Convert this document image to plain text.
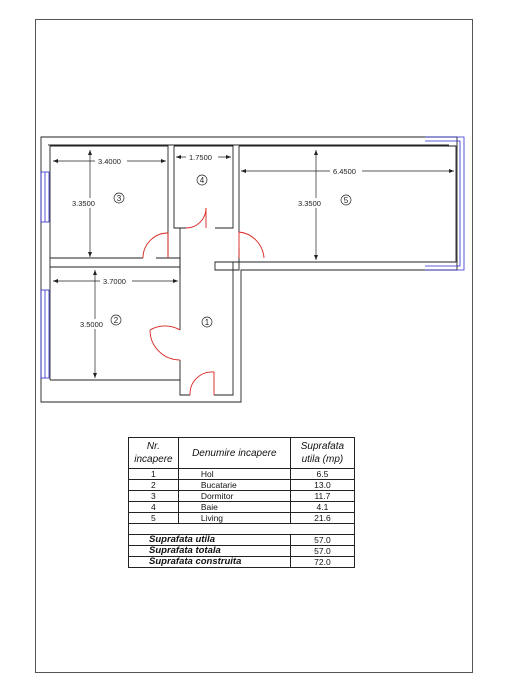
3.4000
3.3500
1.7500
6.4500
3.3500
3.7000
3.5000	1
2
3
4
5
Nr. incapere	Denumire incapere	Suprafata utila (mp)
1	Hol	6.5
2	Bucatarie	13.0
3	Dormitor	11.7
4	Baie	4.1
5	Living	21.6

Suprafata utila		57.0
Suprafata totala		57.0
Suprafata construita		72.0
